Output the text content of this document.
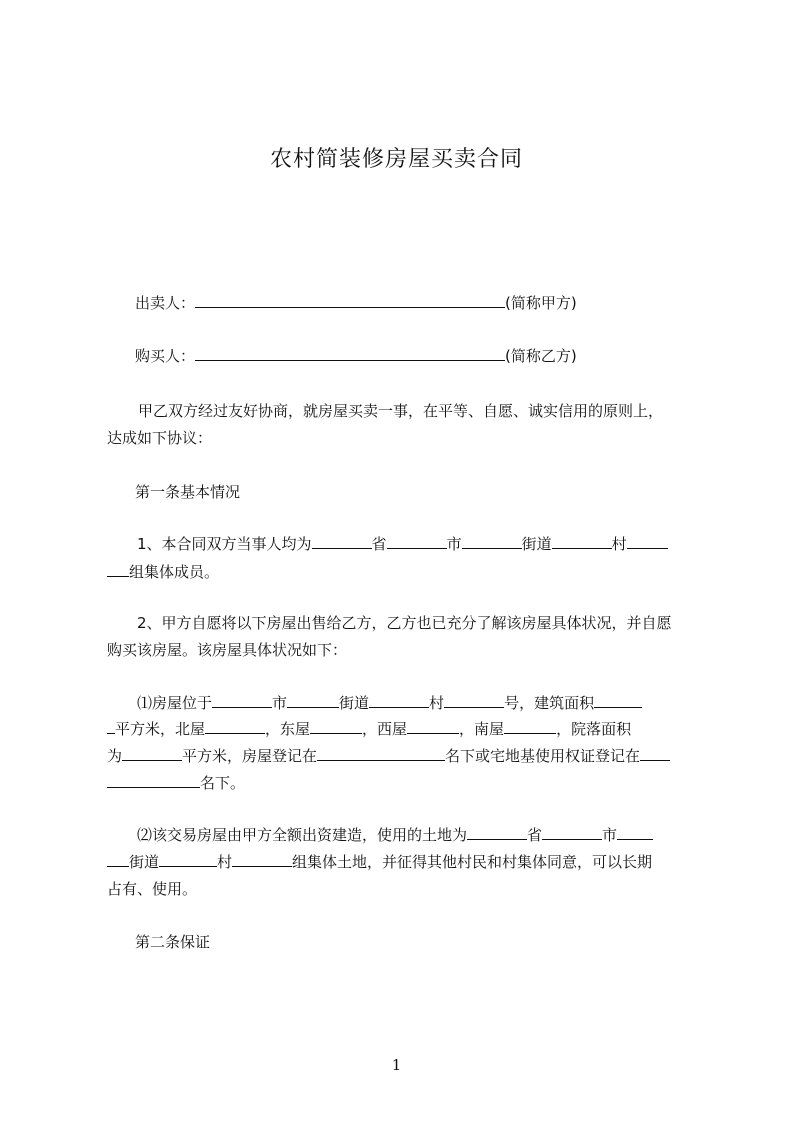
农村简装修房屋买卖合同
出卖人：	(简称甲方)
购买人：	(简称乙方)
甲乙双方经过友好协商，就房屋买卖一事，在平等、自愿、诚实信用的原则上，
达成如下协议：
第一条基本情况
1、本合同双方当事人均为	省	市	街道	村
组集体成员。
2、甲方自愿将以下房屋出售给乙方，乙方也已充分了解该房屋具体状况，并自愿
购买该房屋。该房屋具体状况如下：
⑴房屋位于	市	街道	村	号，建筑面积
平方米，北屋	，东屋	，西屋	，南屋	，院落面积
为	平方米，房屋登记在	名下或宅地基使用权证登记在
名下。
⑵该交易房屋由甲方全额出资建造，使用的土地为	省	市
街道	村	组集体土地，并征得其他村民和村集体同意，可以长期
占有、使用。
第二条保证
1
